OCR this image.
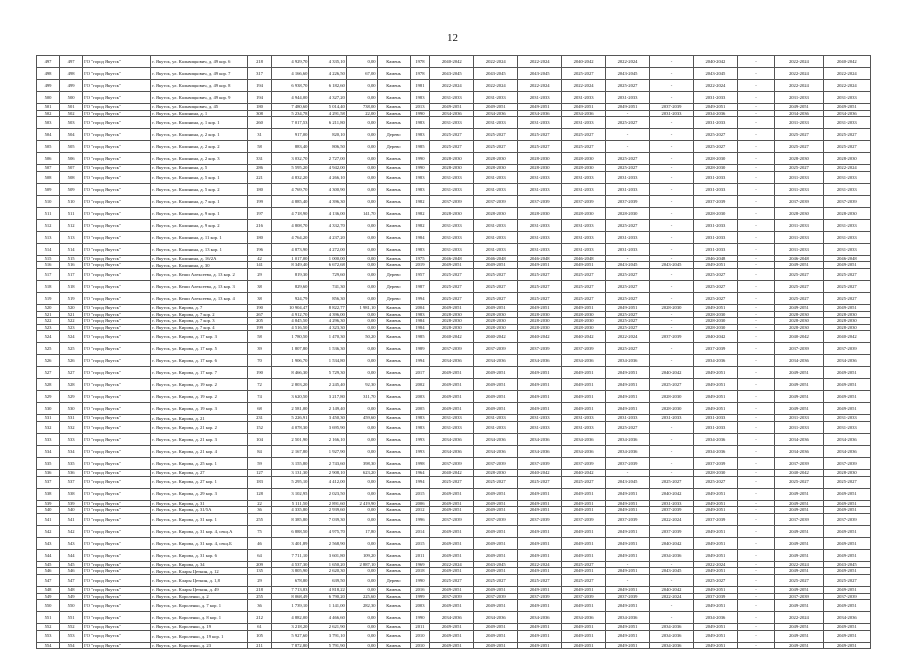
12
497	497	ГО "город Якутск"	г. Якутск, ул. Кальвицкович, д. 49 кор. 6	218	4 929,70	4 335,10	0,00	Камень	1978	2040-2042	2022-2024	2022-2024	2040-2042	2022-2024	-	2040-2042	-	2022-2024	2040-2042
498	498	ГО "город Якутск"	г. Якутск, ул. Кальвицкович, д. 49 кор. 7	317	4 166,60	4 226,50	67,00	Камень	1978	2043-2045	2043-2045	2043-2045	2025-2027	2043-2045	-	2043-2045	-	2022-2024	2022-2024
499	499	ГО "город Якутск"	г. Якутск, ул. Кальвицкович, д. 49 кор. 8	194	6 938,70	6 182,60	0,00	Камень	1981	2022-2024	2022-2024	2022-2024	2022-2024	2025-2027	-	2022-2024	-	2022-2024	2022-2024
500	500	ГО "город Якутск"	г. Якутск, ул. Кальвицкович, д. 49 кор. 9	194	4 944,00	4 327,20	0,00	Камень	1983	2031-2033	2031-2033	2031-2033	2031-2033	2031-2033	-	2031-2033	-	2031-2033	2031-2033
501	501	ГО "город Якутск"	г. Якутск, ул. Кальвицкович, д. 45	180	7 480,60	5 014,40	738,00	Камень	2013	2049-2051	2049-2051	2049-2051	2049-2051	2049-2051	2037-2039	2049-2051	-	2049-2051	2049-2051
502	502	ГО "город Якутск"	г. Якутск, ул. Калинина, д. 1	308	5 234,78	4 291,58	22,00	Камень	1990	2034-2036	2034-2036	2034-2036	2034-2036	-	2031-2033	2034-2036	-	2034-2036	2034-2036
503	503	ГО "город Якутск"	г. Якутск, ул. Калинина, д. 1 кор. 1	260	7 017,53	6 211,80	0,00	Камень	1983	2031-2033	2031-2033	2031-2033	2031-2033	2025-2027	-	2031-2033	-	2031-2033	2031-2033
504	504	ГО "город Якутск"	г. Якутск, ул. Калинина, д. 2 кор. 1	31	917,00	820,10	0,00	Дерево	1983	2025-2027	2025-2027	2025-2027	2025-2027	-	-	2025-2027	-	2025-2027	2025-2027
505	505	ГО "город Якутск"	г. Якутск, ул. Калинина, д. 2 кор. 2	58	883,40	806,50	0,00	Дерево	1985	2025-2027	2025-2027	2025-2027	2025-2027	-	-	2025-2027	-	2025-2027	2025-2027
506	506	ГО "город Якутск"	г. Якутск, ул. Калинина, д. 2 кор. 3	331	3 032,70	2 727,00	0,00	Камень	1990	2028-2030	2028-2030	2028-2030	2028-2030	2025-2027	-	2028-2030	-	2028-2030	2028-2030
507	507	ГО "город Якутск"	г. Якутск, ул. Калинина, д. 5	286	5 595,20	4 942,00	0,00	Камень	1990	2028-2030	2028-2030	2028-2030	2028-2030	2025-2027	-	2028-2030	-	2025-2027	2022-2024
508	508	ГО "город Якутск"	г. Якутск, ул. Калинина, д. 5 кор. 1	221	4 832,20	4 266,10	0,00	Камень	1983	2031-2033	2031-2033	2031-2033	2031-2033	2031-2033	-	2031-2033	-	2031-2033	2031-2033
509	509	ГО "город Якутск"	г. Якутск, ул. Калинина, д. 5 кор. 2	180	4 769,70	4 300,90	0,00	Камень	1983	2031-2033	2031-2033	2031-2033	2031-2033	2031-2033	-	2031-2033	-	2031-2033	2031-2033
510	510	ГО "город Якутск"	г. Якутск, ул. Калинина, д. 7 кор. 1	199	4 885,40	4 396,30	0,00	Камень	1982	2037-2039	2037-2039	2037-2039	2037-2039	2037-2039	-	2037-2039	-	2037-2039	2037-2039
511	511	ГО "город Якутск"	г. Якутск, ул. Калинина, д. 9 кор. 1	197	4 718,90	4 136,00	141,70	Камень	1982	2028-2030	2028-2030	2028-2030	2028-2030	2028-2030	-	2028-2030	-	2028-2030	2028-2030
512	512	ГО "город Якутск"	г. Якутск, ул. Калинина, д. 9 кор. 2	216	4 808,70	4 332,70	0,00	Камень	1982	2031-2033	2031-2033	2031-2033	2031-2033	2025-2027	-	2031-2033	-	2031-2033	2031-2033
513	513	ГО "город Якутск"	г. Якутск, ул. Калинина, д. 11 кор. 1	180	4 764,20	4 237,20	0,00	Камень	1984	2031-2033	2031-2033	2031-2033	2031-2033	2031-2033	-	2031-2033	-	2031-2033	2031-2033
514	514	ГО "город Якутск"	г. Якутск, ул. Калинина, д. 13 кор. 1	196	4 873,90	4 272,00	0,00	Камень	1983	2031-2033	2031-2033	2031-2033	2031-2033	2031-2033	-	2031-2033	-	2031-2033	2031-2033
515	515	ГО "город Якутск"	г. Якутск, ул. Калинина, д. 16/2А	42	1 017,00	1 000,00	0,00	Камень	1975	2046-2048	2046-2048	2046-2048	2046-2048	-	-	2046-2048	-	2046-2048	2046-2048
516	516	ГО "город Якутск"	г. Якутск, ул. Калинина, д. 30	141	8 349,40	6 672,68	0,00	Камень	2019	2049-2051	2049-2051	2049-2051	2049-2051	2043-2045	2043-2045	2049-2051	-	2049-2051	2049-2051
517	517	ГО "город Якутск"	г. Якутск, ул. Кеши Алексеева, д. 13 кор. 2	29	819,30	729,60	0,00	Дерево	1957	2025-2027	2025-2027	2025-2027	2025-2027	2025-2027	-	2025-2027	-	2025-2027	2025-2027
518	518	ГО "город Якутск"	г. Якутск, ул. Кеши Алексеева, д. 13 кор. 3	38	829,60	741,30	0,00	Дерево	1987	2025-2027	2025-2027	2025-2027	2025-2027	2025-2027	-	2025-2027	-	2025-2027	2025-2027
519	519	ГО "город Якутск"	г. Якутск, ул. Кеши Алексеева, д. 13 кор. 4	38	924,79	856,30	0,00	Дерево	1994	2025-2027	2025-2027	2025-2027	2025-2027	2025-2027	-	2025-2027	-	2025-2027	2025-2027
520	520	ГО "город Якутск"	г. Якутск, ул. Кирова, д. 7	190	10 904,47	8 822,77	1 981,10	Камень	2004	2049-2051	2049-2051	2049-2051	2049-2051	2049-2051	2028-2030	2049-2051	-	2049-2051	2049-2051
521	521	ГО "город Якутск"	г. Якутск, ул. Кирова, д. 7 кор. 2	267	4 912,70	4 396,00	0,00	Камень	1983	2028-2030	2028-2030	2028-2030	2028-2030	2025-2027	-	2028-2030	-	2028-2030	2028-2030
522	522	ГО "город Якутск"	г. Якутск, ул. Кирова, д. 7 кор. 3	205	4 845,50	4 296,30	0,00	Камень	1984	2028-2030	2028-2030	2028-2030	2028-2030	2025-2027	-	2028-2030	-	2028-2030	2028-2030
523	523	ГО "город Якутск"	г. Якутск, ул. Кирова, д. 7 кор. 4	199	4 516,50	4 323,30	0,00	Камень	1984	2028-2030	2028-2030	2028-2030	2028-2030	2025-2027	-	2028-2030	-	2028-2030	2028-2030
524	524	ГО "город Якутск"	г. Якутск, ул. Кирова, д. 17 кор. 3	58	1 780,50	1 470,30	50,20	Камень	1985	2040-2042	2040-2042	2040-2042	2040-2042	2022-2024	2037-2039	2040-2042	-	2040-2042	2040-2042
525	525	ГО "город Якутск"	г. Якутск, ул. Кирова, д. 17 кор. 5	39	1 807,80	1 536,30	0,00	Камень	1989	2037-2039	2037-2039	2037-2039	2037-2039	2025-2027	-	2037-2039	-	2037-2039	2037-2039
526	526	ГО "город Якутск"	г. Якутск, ул. Кирова, д. 17 кор. 6	70	1 906,70	1 534,80	0,00	Камень	1994	2034-2036	2034-2036	2034-2036	2034-2036	2034-2036	-	2034-2036	-	2034-2036	2034-2036
527	527	ГО "город Якутск"	г. Якутск, ул. Кирова, д. 17 кор. 7	190	8 466,30	5 729,30	0,00	Камень	2017	2049-2051	2049-2051	2049-2051	2049-2051	2049-2051	2040-2042	2049-2051	-	2049-2051	2049-2051
528	528	ГО "город Якутск"	г. Якутск, ул. Кирова, д. 19 кор. 2	72	2 803,20	2 245,40	92,30	Камень	2002	2049-2051	2049-2051	2049-2051	2049-2051	2049-2051	2025-2027	2049-2051	-	2049-2051	2049-2051
529	529	ГО "город Якутск"	г. Якутск, ул. Кирова, д. 19 кор. 2	74	3 620,50	3 217,80	311,70	Камень	2003	2049-2051	2049-2051	2049-2051	2049-2051	2049-2051	2028-2030	2049-2051	-	2049-2051	2049-2051
530	530	ГО "город Якутск"	г. Якутск, ул. Кирова, д. 19 кор. 3	68	2 581,00	2 149,40	0,00	Камень	2005	2049-2051	2049-2051	2049-2051	2049-2051	2049-2051	2028-2030	2049-2051	-	2049-2051	2049-2051
531	531	ГО "город Якутск"	г. Якутск, ул. Кирова, д. 21	231	5 226,91	3 450,30	459,60	Камень	1983	2031-2033	2031-2033	2031-2033	2031-2033	2031-2033	2031-2033	2031-2033	-	2031-2033	2031-2033
532	532	ГО "город Якутск"	г. Якутск, ул. Кирова, д. 21 кор. 2	152	4 078,30	3 695,90	0,00	Камень	1983	2031-2033	2031-2033	2031-2033	2031-2033	2025-2027	-	2031-2033	-	2031-2033	2031-2033
533	533	ГО "город Якутск"	г. Якутск, ул. Кирова, д. 21 кор. 3	104	2 501,90	2 166,10	0,00	Камень	1993	2034-2036	2034-2036	2034-2036	2034-2036	2034-2036	-	2034-2036	-	2034-2036	2034-2036
534	534	ГО "город Якутск"	г. Якутск, ул. Кирова, д. 21 кор. 4	84	2 167,80	1 927,90	0,00	Камень	1993	2034-2036	2034-2036	2034-2036	2034-2036	2034-2036	-	2034-2036	-	2034-2036	2034-2036
535	535	ГО "город Якутск"	г. Якутск, ул. Кирова, д. 25 кор. 1	59	3 155,80	2 743,60	398,30	Камень	1998	2037-2039	2037-2039	2037-2039	2037-2039	2037-2039	-	2037-2039	-	2037-2039	2037-2039
536	536	ГО "город Якутск"	г. Якутск, ул. Кирова, д. 27	127	3 131,30	2 908,10	623,20	Камень	1964	2040-2042	2028-2030	2040-2042	2040-2042	-	-	2028-2030	-	2040-2042	2028-2030
537	537	ГО "город Якутск"	г. Якутск, ул. Кирова, д. 27 кор. 1	183	5 295,10	4 412,00	0,00	Камень	1994	2025-2027	2025-2027	2025-2027	2025-2027	2043-2045	2025-2027	2025-2027	-	2025-2027	2025-2027
538	538	ГО "город Якутск"	г. Якутск, ул. Кирова, д. 29 кор. 3	128	3 102,95	2 023,50	0,00	Камень	2015	2049-2051	2049-2051	2049-2051	2049-2051	2049-2051	2040-2042	2049-2051	-	2049-2051	2049-2051
539	539	ГО "город Якутск"	г. Якутск, ул. Кирова, д. 31	22	5 111,50	2 891,60	2 419,90	Камень	2006	2049-2051	2049-2051	2049-2051	2049-2051	2049-2051	2031-2033	2049-2051	-	2049-2051	2049-2051
540	540	ГО "город Якутск"	г. Якутск, ул. Кирова, д. 31/5А	36	4 335,80	2 939,60	0,00	Камень	2012	2049-2051	2049-2051	2049-2051	2049-2051	2049-2051	2037-2039	2049-2051	-	2049-2051	2049-2051
541	541	ГО "город Якутск"	г. Якутск, ул. Кирова, д. 31 кор. 1	255	8 385,80	7 039,30	0,00	Камень	1996	2037-2039	2037-2039	2037-2039	2037-2039	2037-2039	2022-2024	2037-2039	-	2037-2039	2037-2039
542	542	ГО "город Якутск"	г. Якутск, ул. Кирова, д. 31 кор. 4, секц.А	75	6 888,50	4 975,70	17,80	Камень	2014	2049-2051	2049-2051	2049-2051	2049-2051	2049-2051	2037-2039	2049-2051	-	2049-2051	2049-2051
543	543	ГО "город Якутск"	г. Якутск, ул. Кирова, д. 31 кор. 4, секц.Б	46	3 401,89	2 568,90	0,00	Камень	2015	2049-2051	2049-2051	2049-2051	2049-2051	2049-2051	2040-2042	2049-2051	-	2049-2051	2049-2051
544	544	ГО "город Якутск"	г. Якутск, ул. Кирова, д. 31 кор. 6	64	7 711,10	3 601,80	109,20	Камень	2011	2049-2051	2049-2051	2049-2051	2049-2051	2049-2051	2034-2036	2049-2051	-	2049-2051	2049-2051
545	545	ГО "город Якутск"	г. Якутск, ул. Кирова, д. 34	209	4 537,30	1 650,20	2 887,10	Камень	1969	2022-2024	2043-2045	2022-2024	2025-2027	-	-	2022-2024	-	2022-2024	2043-2045
546	546	ГО "город Якутск"	г. Якутск, ул. Клары Цеткин, д. 12	135	3 805,90	2 620,30	0,00	Камень	2018	2049-2051	2049-2051	2049-2051	2049-2051	2049-2051	2043-2045	2049-2051	-	2049-2051	2049-2051
547	547	ГО "город Якутск"	г. Якутск, ул. Клары Цеткин, д. 1,8	29	678,80	639,50	0,00	Дерево	1990	2025-2027	2025-2027	2025-2027	2025-2027	-	-	2025-2027	-	2025-2027	2025-2027
548	548	ГО "город Якутск"	г. Якутск, ул. Клары Цеткин, д. 49	218	7 713,83	4 818,22	0,00	Камень	2016	2049-2051	2049-2051	2049-2051	2049-2051	2049-2051	2040-2042	2049-2051	-	2049-2051	2049-2051
549	549	ГО "город Якутск"	г. Якутск, ул. Короленко, д. 2	255	8 068,49	6 790,20	225,60	Камень	1999	2037-2039	2037-2039	2037-2039	2037-2039	2037-2039	2022-2024	2037-2039	-	2037-2039	2037-2039
550	550	ГО "город Якутск"	г. Якутск, ул. Короленко, д. 7 кор. 1	36	1 739,10	1 141,00	282,30	Камень	2003	2049-2051	2049-2051	2049-2051	2049-2051	2049-2051	-	2049-2051	-	2049-2051	2049-2051
551	551	ГО "город Якутск"	г. Якутск, ул. Короленко, д. 8 кор. 1	212	4 882,00	4 466,60	0,00	Камень	1990	2034-2036	2034-2036	2034-2036	2034-2036	2034-2036	-	2034-2036	-	2022-2024	2034-2036
552	552	ГО "город Якутск"	г. Якутск, ул. Короленко, д. 19	61	3 218,20	2 621,90	0,00	Камень	2011	2049-2051	2049-2051	2049-2051	2049-2051	2049-2051	2034-2036	2049-2051	-	2049-2051	2049-2051
553	553	ГО "город Якутск"	г. Якутск, ул. Короленко, д. 19 кор. 1	105	5 927,60	3 791,10	0,00	Камень	2010	2049-2051	2049-2051	2049-2051	2049-2051	2049-2051	2034-2036	2049-2051	-	2049-2051	2049-2051
554	554	ГО "город Якутск"	г. Якутск, ул. Короленко, д. 23	211	7 872,80	5 791,90	0,00	Камень	2010	2049-2051	2049-2051	2049-2051	2049-2051	2049-2051	2034-2036	2049-2051	-	2049-2051	2049-2051
